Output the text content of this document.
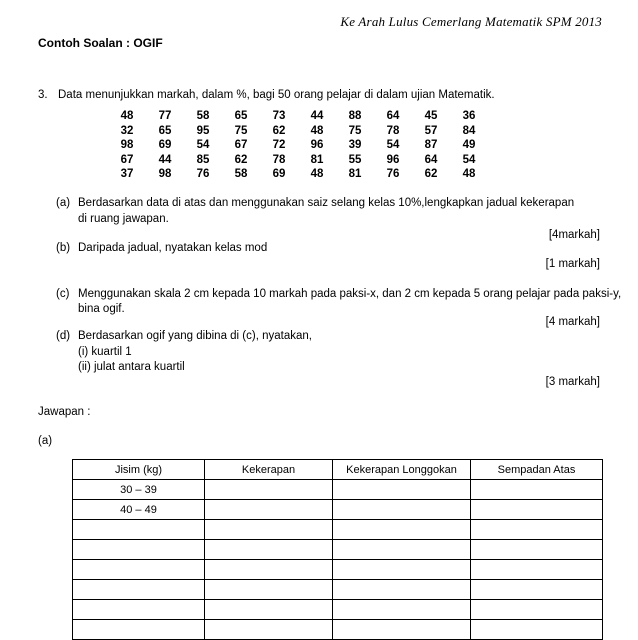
Ke Arah Lulus Cemerlang Matematik SPM 2013
Contoh Soalan : OGIF
3. Data menunjukkan markah, dalam %, bagi 50 orang pelajar di dalam ujian Matematik.
48	77	58	65	73	44	88	64	45	36
32	65	95	75	62	48	75	78	57	84
98	69	54	67	72	96	39	54	87	49
67	44	85	62	78	81	55	96	64	54
37	98	76	58	69	48	81	76	62	48
(a) Berdasarkan data di atas dan menggunakan saiz selang kelas 10%,lengkapkan jadual kekerapan
di ruang jawapan.
[4markah]
(b) Daripada jadual, nyatakan kelas mod
[1 markah]
(c) Menggunakan skala 2 cm kepada 10 markah pada paksi-x, dan 2 cm kepada 5 orang pelajar pada paksi-y,
bina ogif.
[4 markah]
(d) Berdasarkan ogif yang dibina di (c), nyatakan,
(i) kuartil 1
(ii) julat antara kuartil
[3 markah]
Jawapan :
(a)
Jisim (kg)	Kekerapan	Kekerapan Longgokan	Sempadan Atas
30 – 39			
40 – 49			
